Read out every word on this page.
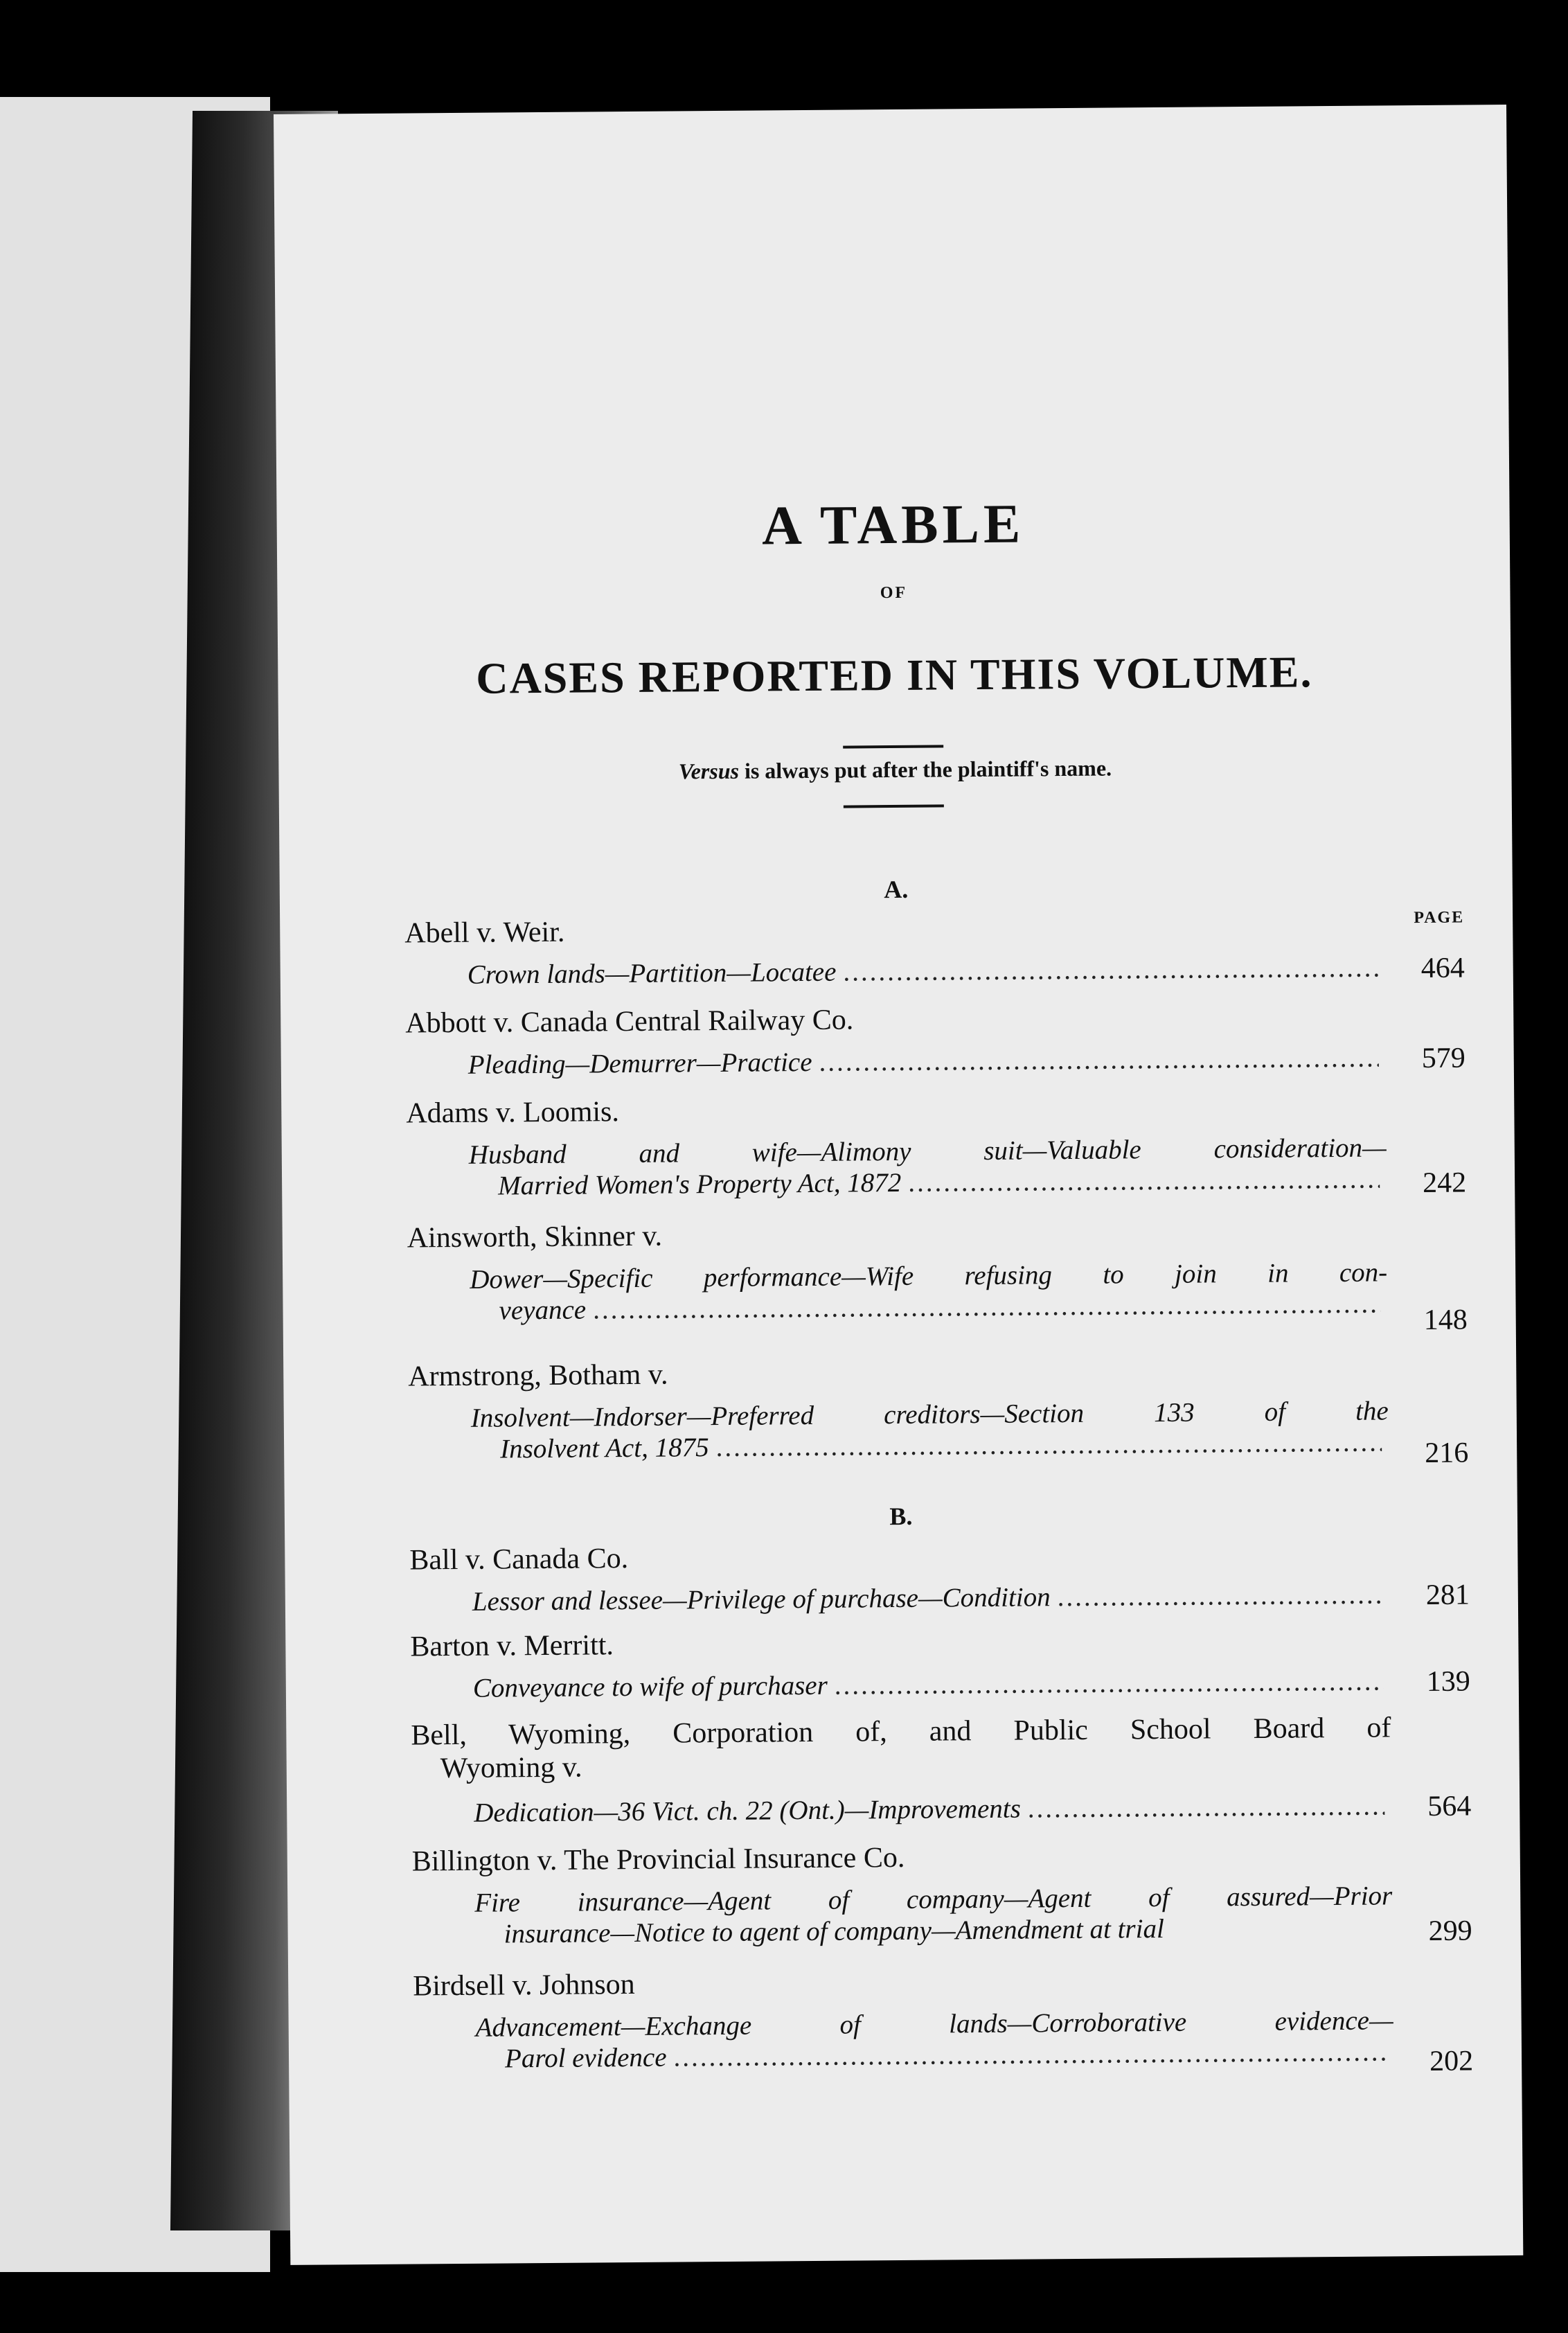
A TABLE
OF
CASES REPORTED IN THIS VOLUME.
Versus is always put after the plaintiff's name.
PAGE
A.
Abell v. Weir.
Crown lands—Partition—Locatee .....	464
Abbott v. Canada Central Railway Co.
Pleading—Demurrer—Practice .....	579
Adams v. Loomis.
Husband and wife—Alimony suit—Valuable consideration—
Married Women's Property Act, 1872 .....	242
Ainsworth, Skinner v.
Dower—Specific performance—Wife refusing to join in con-
veyance .....	148
Armstrong, Botham v.
Insolvent—Indorser—Preferred creditors—Section 133 of the
Insolvent Act, 1875 .....	216
B.
Ball v. Canada Co.
Lessor and lessee—Privilege of purchase—Condition .....	281
Barton v. Merritt.
Conveyance to wife of purchaser .....	139
Bell, Wyoming, Corporation of, and Public School Board of
Wyoming v.
Dedication—36 Vict. ch. 22 (Ont.)—Improvements .....	564
Billington v. The Provincial Insurance Co.
Fire insurance—Agent of company—Agent of assured—Prior
insurance—Notice to agent of company—Amendment at trial	299
Birdsell v. Johnson
Advancement—Exchange of lands—Corroborative evidence—
Parol evidence .....	202
